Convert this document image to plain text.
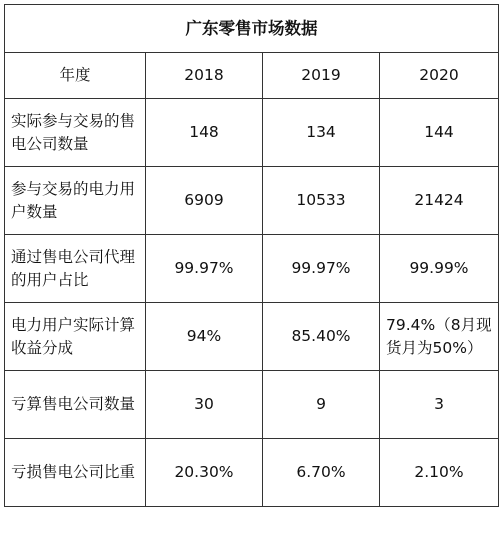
广东零售市场数据			
年度	2018	2019	2020
实际参与交易的售电公司数量	148	134	144
参与交易的电力用户数量	6909	10533	21424
通过售电公司代理的用户占比	99.97%	99.97%	99.99%
电力用户实际计算收益分成	94%	85.40%	79.4%（8月现货月为50%）
亏算售电公司数量	30	9	3
亏损售电公司比重	20.30%	6.70%	2.10%
